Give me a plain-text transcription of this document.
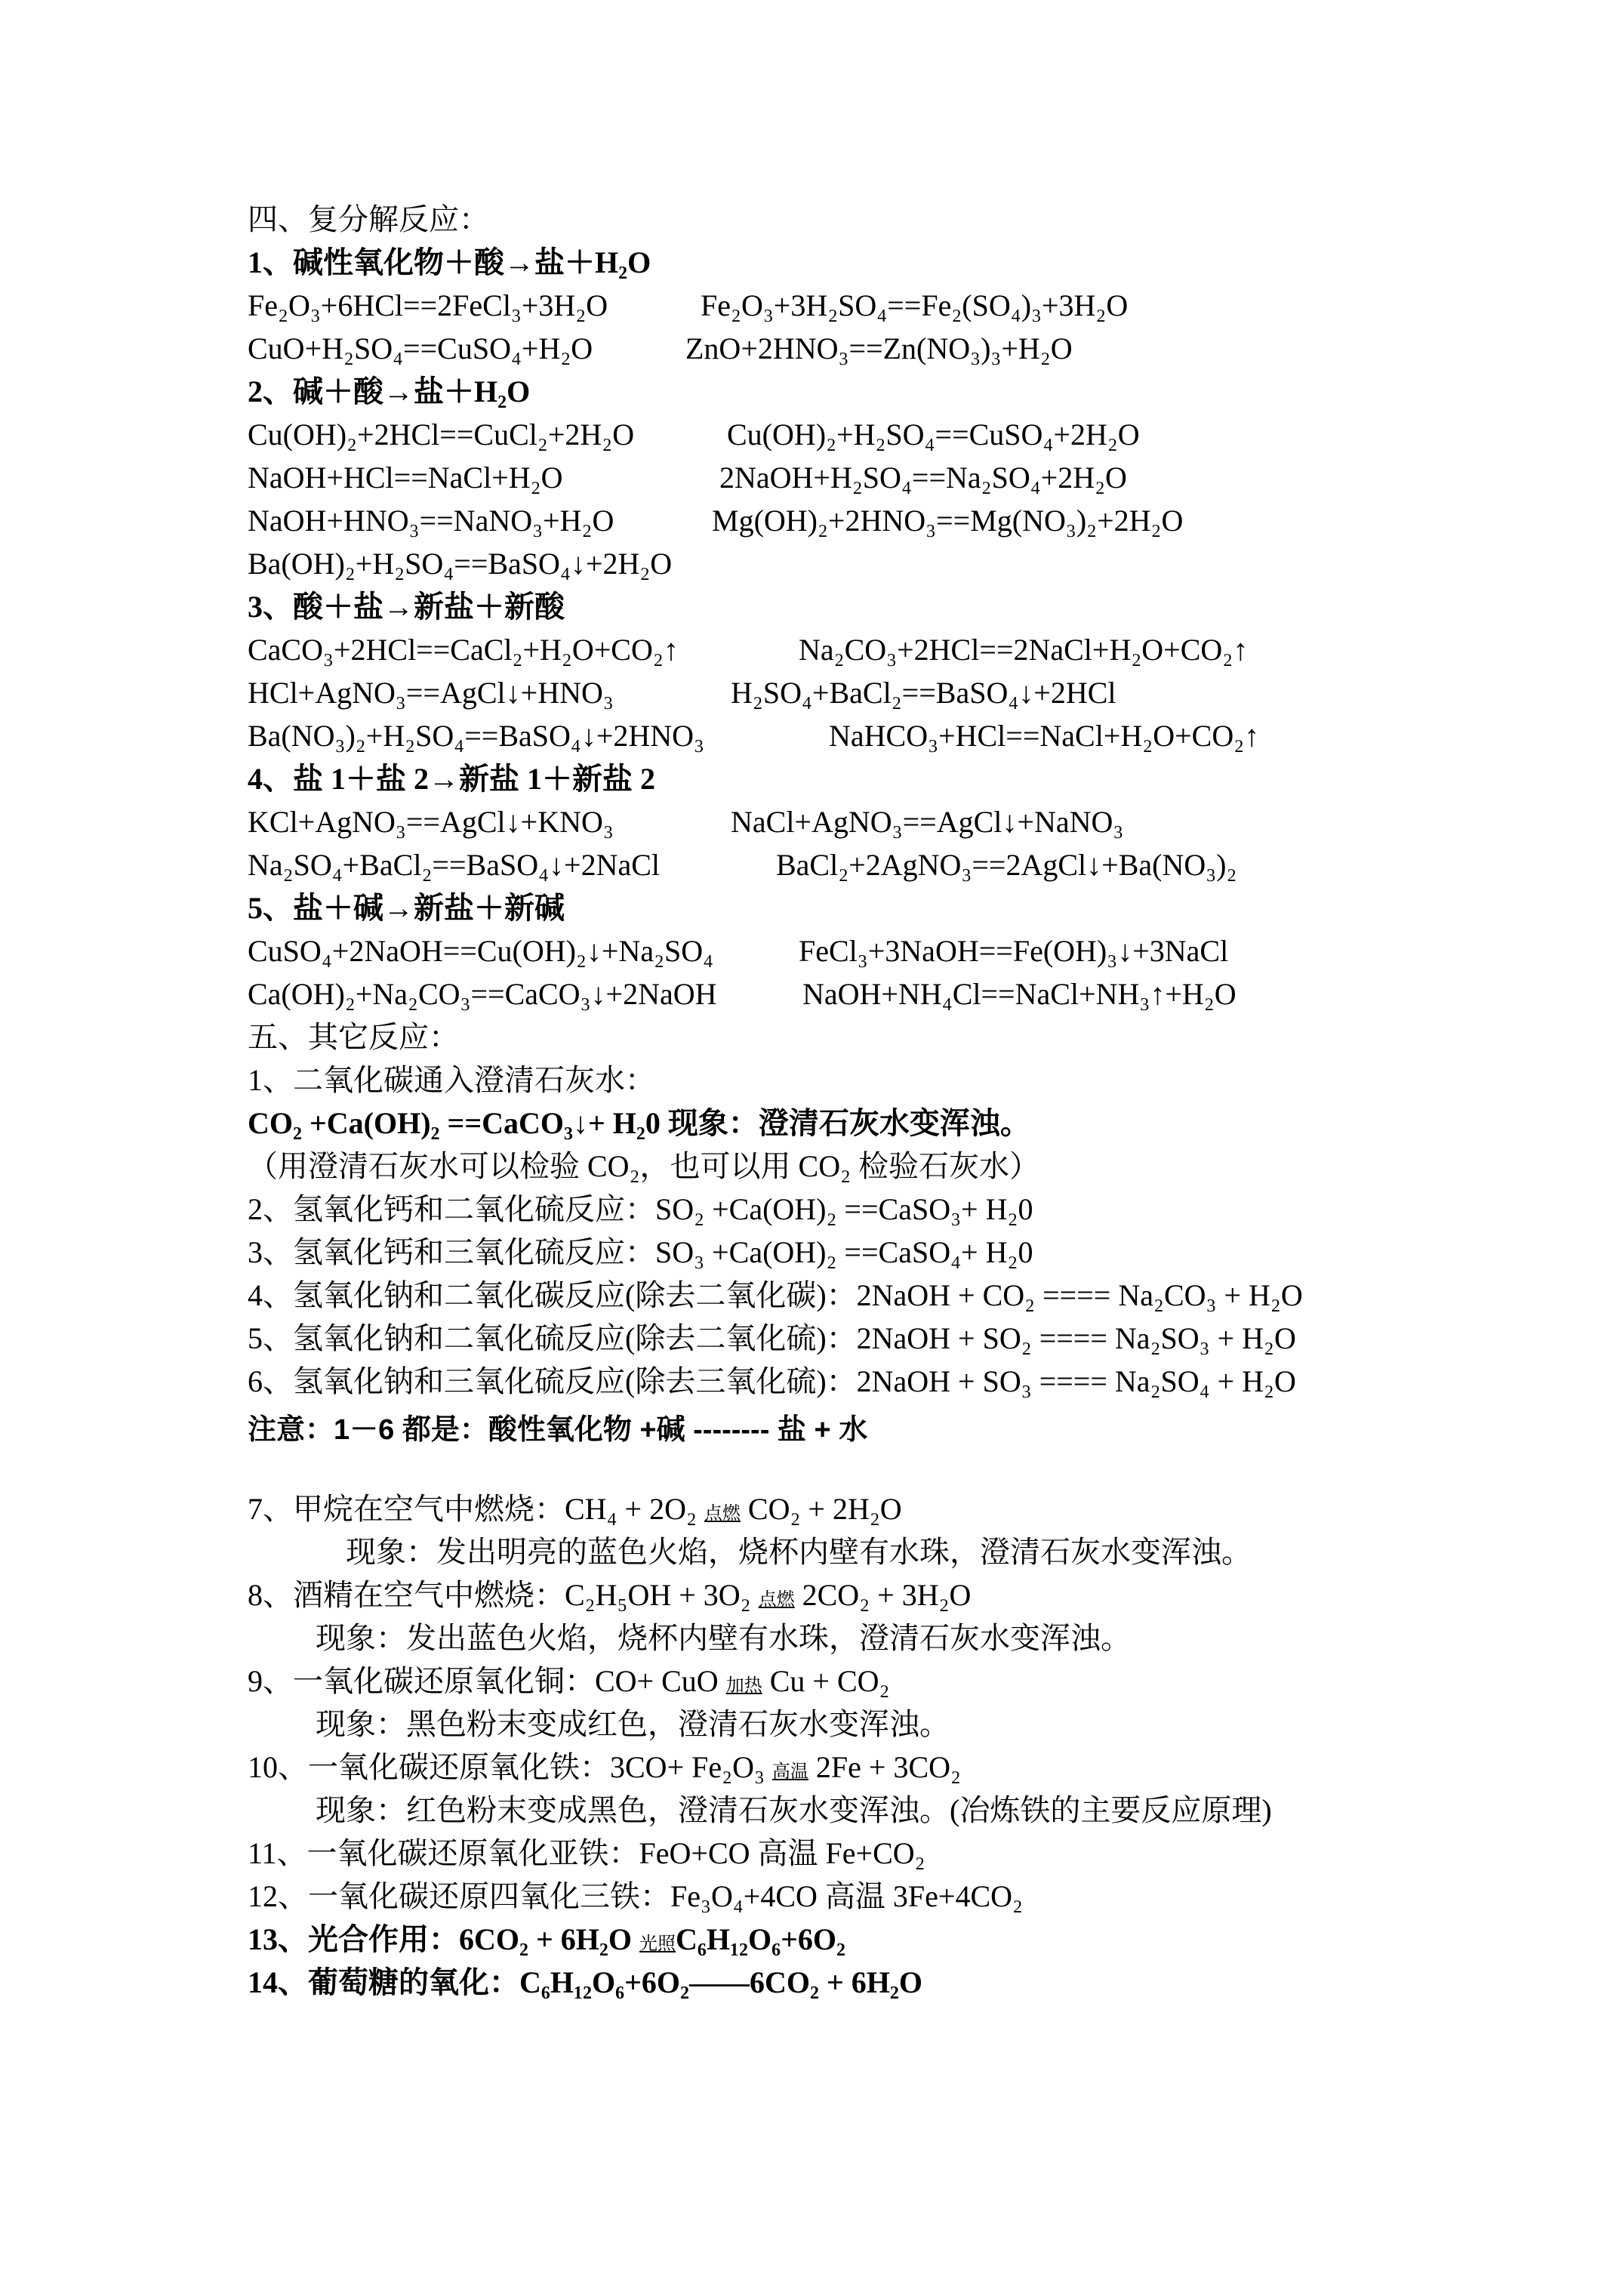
四、复分解反应：
1、碱性氧化物＋酸→盐＋H₂O
Fe₂O₃+6HCl==2FeCl₃+3H₂O	Fe₂O₃+3H₂SO₄==Fe₂(SO₄)₃+3H₂O
CuO+H₂SO₄==CuSO₄+H₂O	ZnO+2HNO₃==Zn(NO₃)₃+H₂O
2、碱＋酸→盐＋H₂O
Cu(OH)₂+2HCl==CuCl₂+2H₂O	Cu(OH)₂+H₂SO₄==CuSO₄+2H₂O
NaOH+HCl==NaCl+H₂O	2NaOH+H₂SO₄==Na₂SO₄+2H₂O
NaOH+HNO₃==NaNO₃+H₂O	Mg(OH)₂+2HNO₃==Mg(NO₃)₂+2H₂O
Ba(OH)₂+H₂SO₄==BaSO₄↓+2H₂O
3、酸＋盐→新盐＋新酸
CaCO₃+2HCl==CaCl₂+H₂O+CO₂↑	Na₂CO₃+2HCl==2NaCl+H₂O+CO₂↑
HCl+AgNO₃==AgCl↓+HNO₃	H₂SO₄+BaCl₂==BaSO₄↓+2HCl
Ba(NO₃)₂+H₂SO₄==BaSO₄↓+2HNO₃	NaHCO₃+HCl==NaCl+H₂O+CO₂↑
4、盐 1＋盐 2→新盐 1＋新盐 2
KCl+AgNO₃==AgCl↓+KNO₃	NaCl+AgNO₃==AgCl↓+NaNO₃
Na₂SO₄+BaCl₂==BaSO₄↓+2NaCl	BaCl₂+2AgNO₃==2AgCl↓+Ba(NO₃)₂
5、盐＋碱→新盐＋新碱
CuSO₄+2NaOH==Cu(OH)₂↓+Na₂SO₄	FeCl₃+3NaOH==Fe(OH)₃↓+3NaCl
Ca(OH)₂+Na₂CO₃==CaCO₃↓+2NaOH	NaOH+NH₄Cl==NaCl+NH₃↑+H₂O
五、其它反应：
1、二氧化碳通入澄清石灰水：
CO₂ +Ca(OH)₂ ==CaCO₃↓+ H₂0 现象：澄清石灰水变浑浊。
（用澄清石灰水可以检验 CO₂，也可以用 CO₂ 检验石灰水）
2、氢氧化钙和二氧化硫反应：SO₂ +Ca(OH)₂ ==CaSO₃+ H₂0
3、氢氧化钙和三氧化硫反应：SO₃ +Ca(OH)₂ ==CaSO₄+ H₂0
4、氢氧化钠和二氧化碳反应(除去二氧化碳)：2NaOH + CO₂ ==== Na₂CO₃ + H₂O
5、氢氧化钠和二氧化硫反应(除去二氧化硫)：2NaOH + SO₂ ==== Na₂SO₃ + H₂O
6、氢氧化钠和三氧化硫反应(除去三氧化硫)：2NaOH + SO₃ ==== Na₂SO₄ + H₂O
注意：1－6 都是：酸性氧化物 +碱 -------- 盐 + 水
7、甲烷在空气中燃烧：CH₄ + 2O₂ 点燃 CO₂ + 2H₂O
现象：发出明亮的蓝色火焰，烧杯内壁有水珠，澄清石灰水变浑浊。
8、酒精在空气中燃烧：C₂H₅OH + 3O₂ 点燃 2CO₂ + 3H₂O
现象：发出蓝色火焰，烧杯内壁有水珠，澄清石灰水变浑浊。
9、一氧化碳还原氧化铜：CO+ CuO 加热 Cu + CO₂
现象：黑色粉末变成红色，澄清石灰水变浑浊。
10、一氧化碳还原氧化铁：3CO+ Fe₂O₃ 高温 2Fe + 3CO₂
现象：红色粉末变成黑色，澄清石灰水变浑浊。(冶炼铁的主要反应原理)
11、一氧化碳还原氧化亚铁：FeO+CO 高温 Fe+CO₂
12、一氧化碳还原四氧化三铁：Fe₃O₄+4CO 高温 3Fe+4CO₂
13、光合作用：6CO₂ + 6H₂O 光照C₆H₁₂O₆+6O₂
14、葡萄糖的氧化：C₆H₁₂O₆+6O₂——6CO₂ + 6H₂O
